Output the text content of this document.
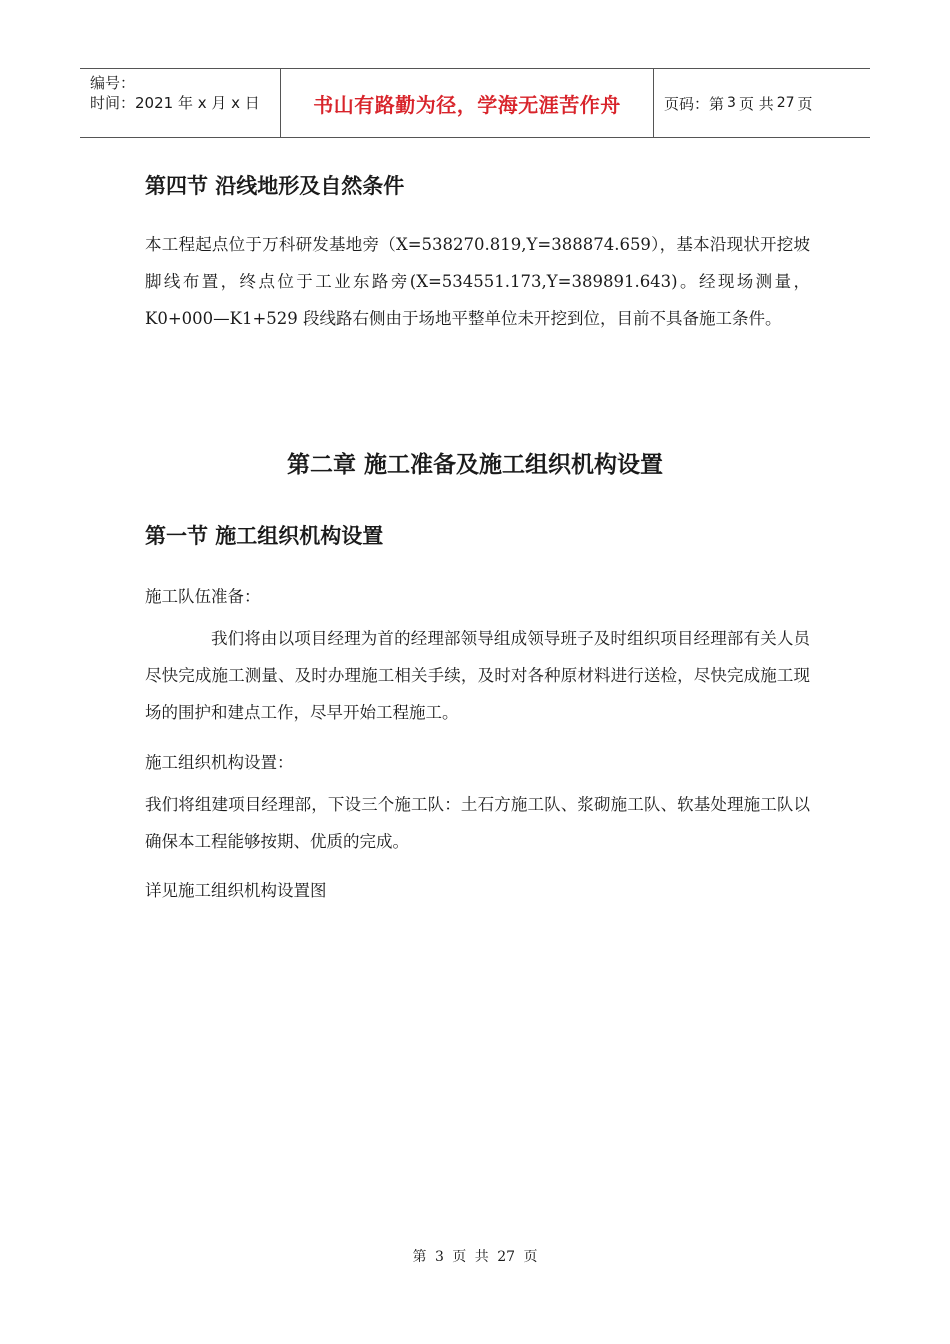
编号：
时间：2021 年 x 月 x 日	书山有路勤为径，学海无涯苦作舟	页码：第 3 页 共 27 页
第四节 沿线地形及自然条件

本工程起点位于万科研发基地旁（X=538270.819,Y=388874.659），基本沿现状开挖坡脚线布置，终点位于工业东路旁(X=534551.173,Y=389891.643)。经现场测量，K0+000—K1+529 段线路右侧由于场地平整单位未开挖到位，目前不具备施工条件。

第二章 施工准备及施工组织机构设置
第一节 施工组织机构设置

施工队伍准备：

我们将由以项目经理为首的经理部领导组成领导班子及时组织项目经理部有关人员尽快完成施工测量、及时办理施工相关手续，及时对各种原材料进行送检，尽快完成施工现场的围护和建点工作，尽早开始工程施工。

施工组织机构设置：

我们将组建项目经理部，下设三个施工队：土石方施工队、浆砌施工队、软基处理施工队以确保本工程能够按期、优质的完成。

详见施工组织机构设置图

第 3 页 共 27 页
